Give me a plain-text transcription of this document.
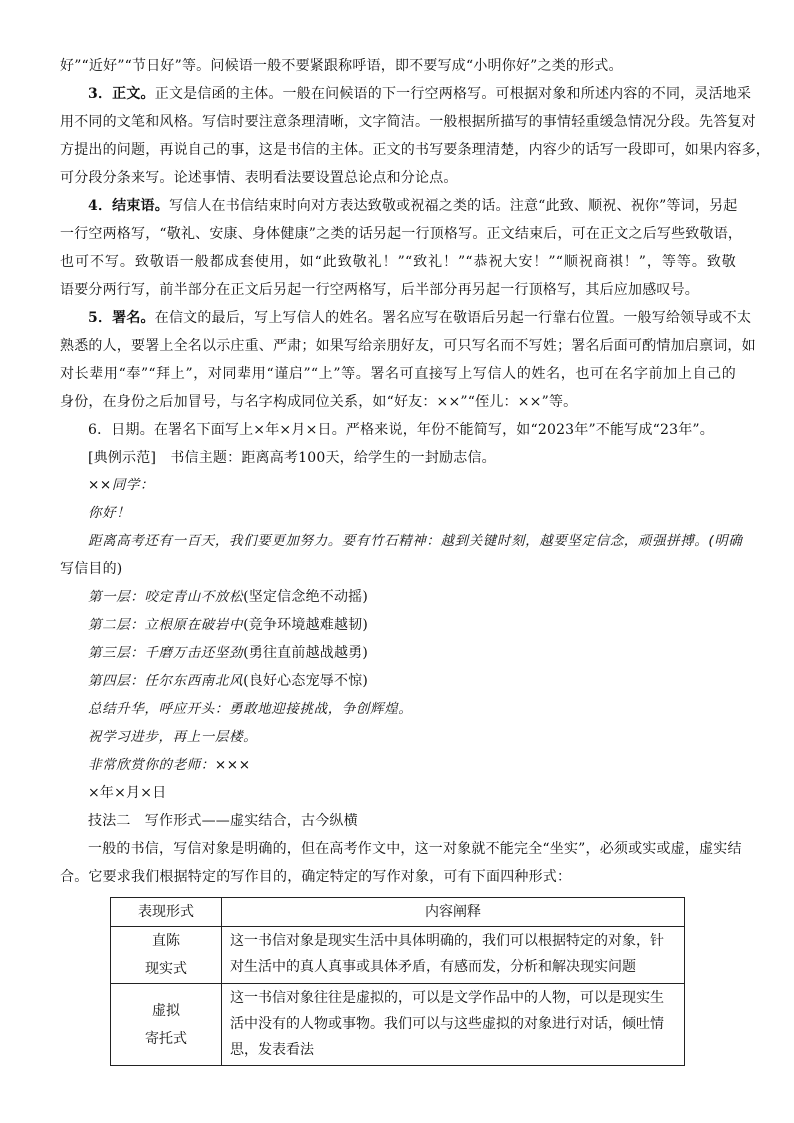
好”“近好”“节日好”等。问候语一般不要紧跟称呼语，即不要写成“小明你好”之类的形式。
3．正文。正文是信函的主体。一般在问候语的下一行空两格写。可根据对象和所述内容的不同，灵活地采
用不同的文笔和风格。写信时要注意条理清晰，文字简洁。一般根据所描写的事情轻重缓急情况分段。先答复对
方提出的问题，再说自己的事，这是书信的主体。正文的书写要条理清楚，内容少的话写一段即可，如果内容多，
可分段分条来写。论述事情、表明看法要设置总论点和分论点。
4．结束语。写信人在书信结束时向对方表达致敬或祝福之类的话。注意“此致、顺祝、祝你”等词，另起
一行空两格写，“敬礼、安康、身体健康”之类的话另起一行顶格写。正文结束后，可在正文之后写些致敬语，
也可不写。致敬语一般都成套使用，如“此致敬礼！”“致礼！”“恭祝大安！”“顺祝商祺！”，等等。致敬
语要分两行写，前半部分在正文后另起一行空两格写，后半部分再另起一行顶格写，其后应加感叹号。
5．署名。在信文的最后，写上写信人的姓名。署名应写在敬语后另起一行靠右位置。一般写给领导或不太
熟悉的人，要署上全名以示庄重、严肃；如果写给亲朋好友，可只写名而不写姓；署名后面可酌情加启禀词，如
对长辈用“奉”“拜上”，对同辈用“谨启”“上”等。署名可直接写上写信人的姓名，也可在名字前加上自己的
身份，在身份之后加冒号，与名字构成同位关系，如“好友：××”“侄儿：××”等。
6．日期。在署名下面写上×年×月×日。严格来说，年份不能简写，如“2023年”不能写成“23年”。
[典例示范]　书信主题：距离高考100天，给学生的一封励志信。
××同学：
你好！
距离高考还有一百天，我们要更加努力。要有竹石精神：越到关键时刻，越要坚定信念，顽强拼搏。(明确
写信目的)
第一层：咬定青山不放松(坚定信念绝不动摇)
第二层：立根原在破岩中(竞争环境越难越韧)
第三层：千磨万击还坚劲(勇往直前越战越勇)
第四层：任尔东西南北风(良好心态宠辱不惊)
总结升华，呼应开头：勇敢地迎接挑战，争创辉煌。
祝学习进步，再上一层楼。
非常欣赏你的老师：×××
×年×月×日
技法二　写作形式——虚实结合，古今纵横
一般的书信，写信对象是明确的，但在高考作文中，这一对象就不能完全“坐实”，必须或实或虚，虚实结
合。它要求我们根据特定的写作目的，确定特定的写作对象，可有下面四种形式：
表现形式	内容阐释

直陈
现实式	这一书信对象是现实生活中具体明确的，我们可以根据特定的对象，针对生活中的真人真事或具体矛盾，有感而发，分析和解决现实问题

虚拟
寄托式	这一书信对象往往是虚拟的，可以是文学作品中的人物，可以是现实生活中没有的人物或事物。我们可以与这些虚拟的对象进行对话，倾吐情思，发表看法
